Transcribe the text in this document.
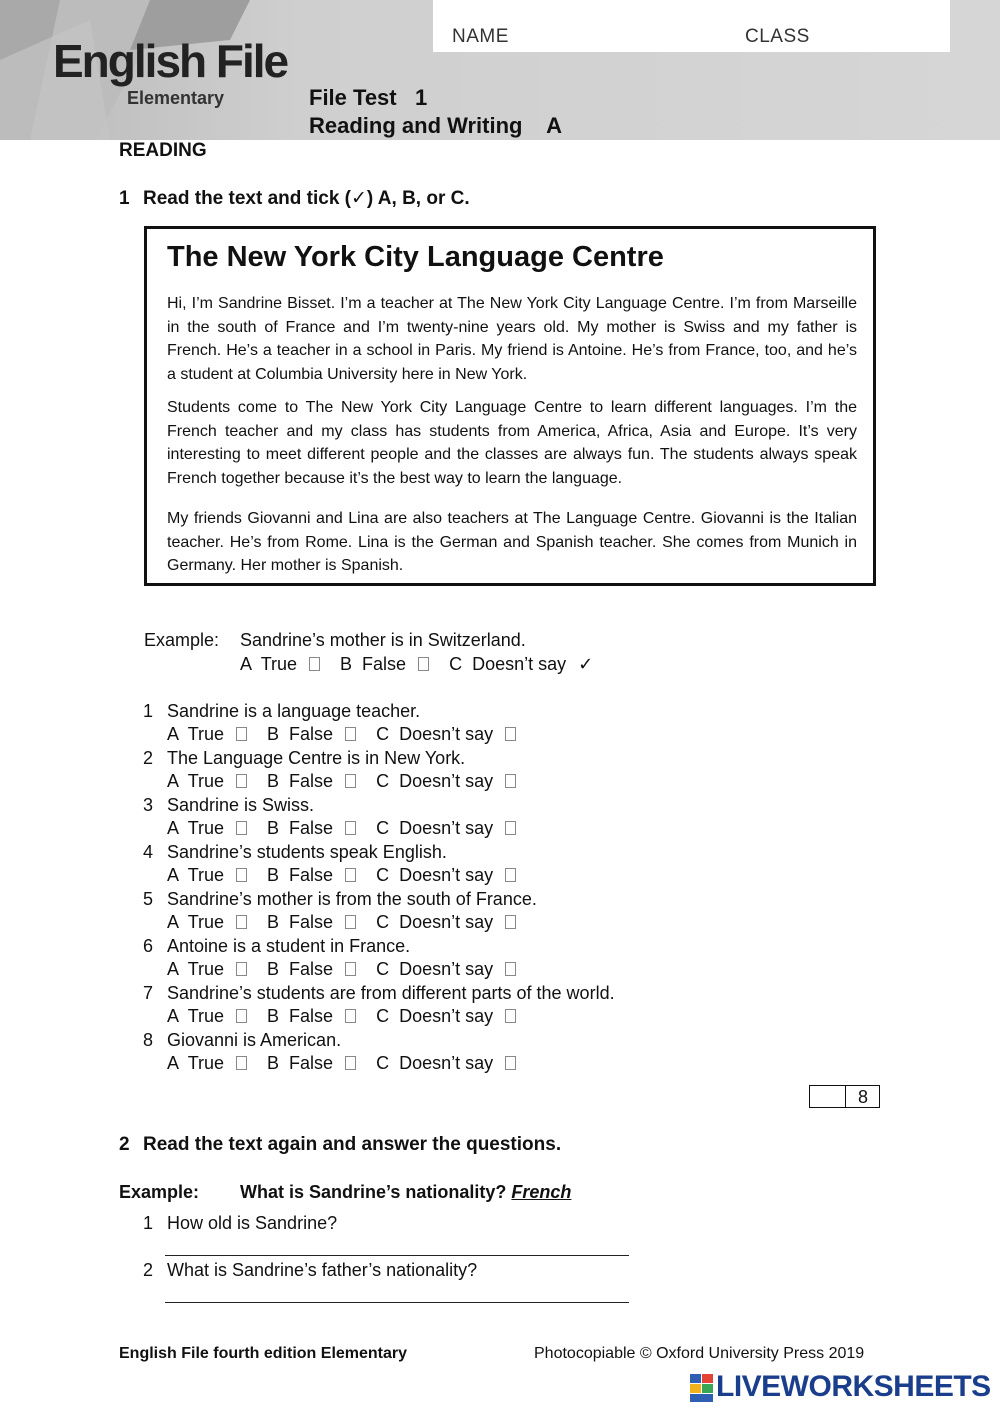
NAME	CLASS
English File
Elementary	File Test   1
Reading and Writing    A
READING
1 Read the text and tick (✓) A, B, or C.
The New York City Language Centre

Hi, I’m Sandrine Bisset. I’m a teacher at The New York City Language Centre. I’m from Marseille in the south of France and I’m twenty-nine years old. My mother is Swiss and my father is French. He’s a teacher in a school in Paris. My friend is Antoine. He’s from France, too, and he’s a student at Columbia University here in New York.

Students come to The New York City Language Centre to learn different languages. I’m the French teacher and my class has students from America, Africa, Asia and Europe. It’s very interesting to meet different people and the classes are always fun. The students always speak French together because it’s the best way to learn the language.

My friends Giovanni and Lina are also teachers at The Language Centre. Giovanni is the Italian teacher. He’s from Rome. Lina is the German and Spanish teacher. She comes from Munich in Germany. Her mother is Spanish.

Example: Sandrine’s mother is in Switzerland.
A  True B  False C  Doesn’t say ✓
1 Sandrine is a language teacher.
A  True B  False C  Doesn’t say
2 The Language Centre is in New York.
A  True B  False C  Doesn’t say
3 Sandrine is Swiss.
A  True B  False C  Doesn’t say
4 Sandrine’s students speak English.
A  True B  False C  Doesn’t say
5 Sandrine’s mother is from the south of France.
A  True B  False C  Doesn’t say
6 Antoine is a student in France.
A  True B  False C  Doesn’t say
7 Sandrine’s students are from different parts of the world.
A  True B  False C  Doesn’t say
8 Giovanni is American.
A  True B  False C  Doesn’t say
8
2 Read the text again and answer the questions.
Example: What is Sandrine’s nationality? French
1 How old is Sandrine?
2 What is Sandrine’s father’s nationality?
English File fourth edition Elementary	Photocopiable © Oxford University Press 2019
LIVEWORKSHEETS
